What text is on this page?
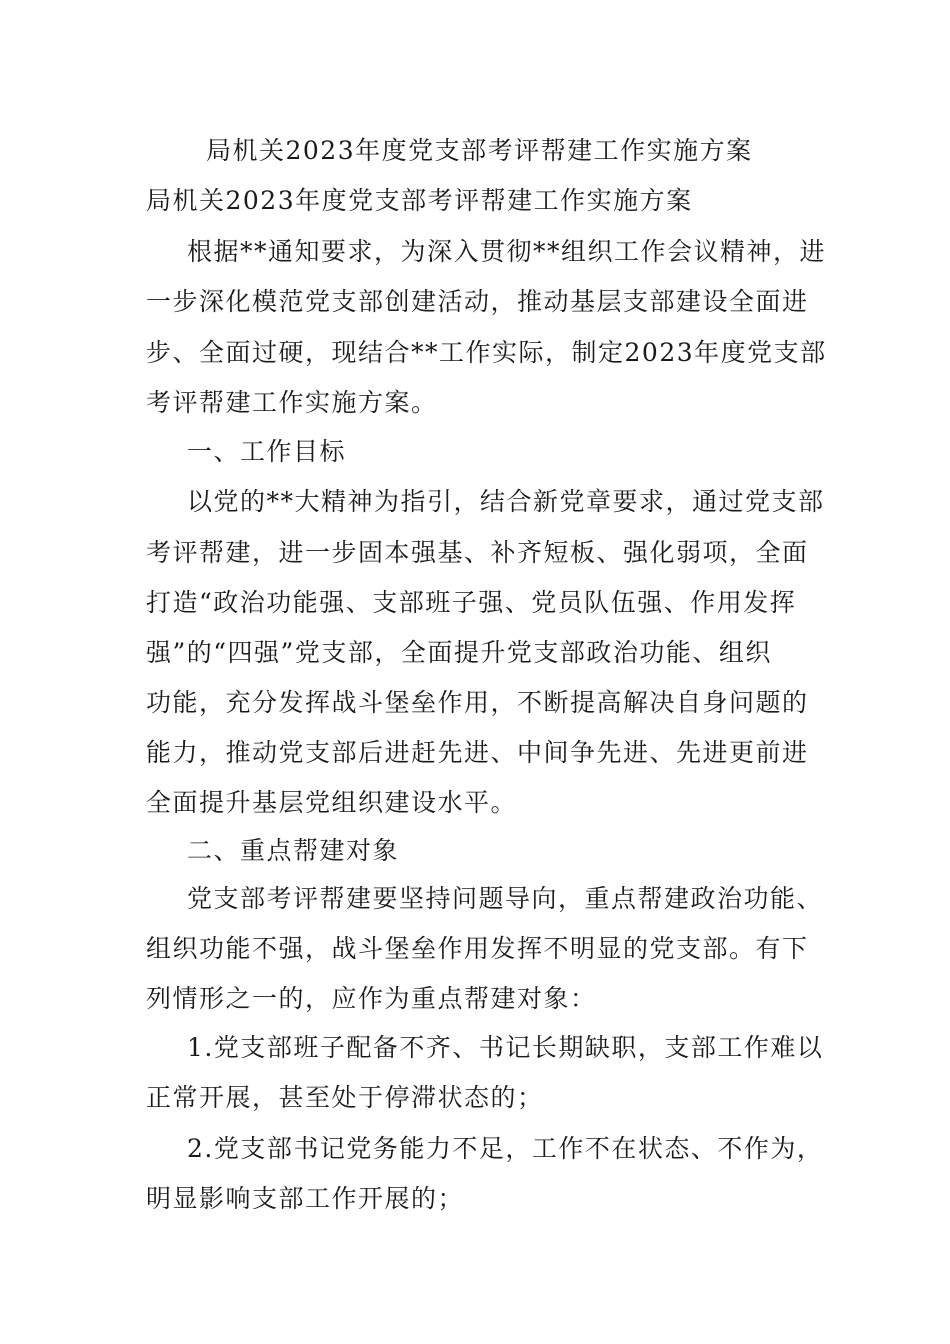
局机关2023年度党支部考评帮建工作实施方案
局机关2023年度党支部考评帮建工作实施方案
根据**通知要求，为深入贯彻**组织工作会议精神，进
一步深化模范党支部创建活动，推动基层支部建设全面进
步、全面过硬，现结合**工作实际，制定2023年度党支部
考评帮建工作实施方案。
一、工作目标
以党的**大精神为指引，结合新党章要求，通过党支部
考评帮建，进一步固本强基、补齐短板、强化弱项，全面
打造“政治功能强、支部班子强、党员队伍强、作用发挥
强”的“四强”党支部，全面提升党支部政治功能、组织
功能，充分发挥战斗堡垒作用，不断提高解决自身问题的
能力，推动党支部后进赶先进、中间争先进、先进更前进
全面提升基层党组织建设水平。
二、重点帮建对象
党支部考评帮建要坚持问题导向，重点帮建政治功能、
组织功能不强，战斗堡垒作用发挥不明显的党支部。有下
列情形之一的，应作为重点帮建对象：
1.党支部班子配备不齐、书记长期缺职，支部工作难以
正常开展，甚至处于停滞状态的；
2.党支部书记党务能力不足，工作不在状态、不作为，
明显影响支部工作开展的；
